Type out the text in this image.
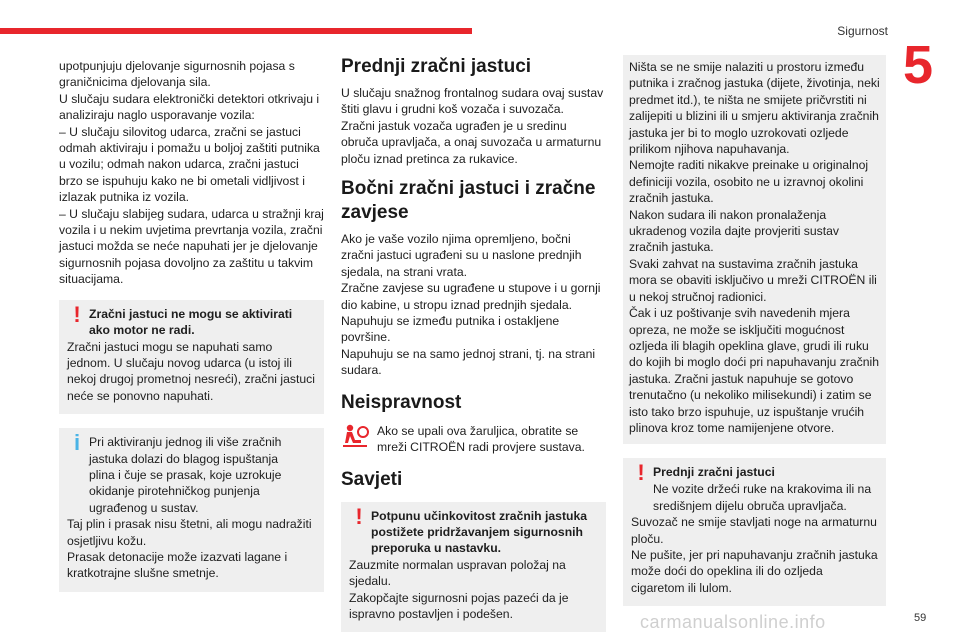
Sigurnost
5

upotpunjuju djelovanje sigurnosnih pojasa s graničnicima djelovanja sila.

U slučaju sudara elektronički detektori otkrivaju i analiziraju naglo usporavanje vozila:

– U slučaju silovitog udarca, zračni se jastuci odmah aktiviraju i pomažu u boljoj zaštiti putnika u vozilu; odmah nakon udarca, zračni jastuci brzo se ispuhuju kako ne bi ometali vidljivost i izlazak putnika iz vozila.

– U slučaju slabijeg sudara, udarca u stražnji kraj vozila i u nekim uvjetima prevrtanja vozila, zračni jastuci možda se neće napuhati jer je djelovanje sigurnosnih pojasa dovoljno za zaštitu u takvim situacijama.

! Zračni jastuci ne mogu se aktivirati ako motor ne radi.

Zračni jastuci mogu se napuhati samo jednom. U slučaju novog udarca (u istoj ili nekoj drugoj prometnoj nesreći), zračni jastuci neće se ponovno napuhati.

i Pri aktiviranju jednog ili više zračnih jastuka dolazi do blagog ispuštanja plina i čuje se prasak, koje uzrokuje okidanje pirotehničkog punjenja ugrađenog u sustav.

Taj plin i prasak nisu štetni, ali mogu nadražiti osjetljivu kožu.

Prasak detonacije može izazvati lagane i kratkotrajne slušne smetnje.

Prednji zračni jastuci

U slučaju snažnog frontalnog sudara ovaj sustav štiti glavu i grudni koš vozača i suvozača.

Zračni jastuk vozača ugrađen je u sredinu obruča upravljača, a onaj suvozača u armaturnu ploču iznad pretinca za rukavice.

Bočni zračni jastuci i zračne zavjese

Ako je vaše vozilo njima opremljeno, bočni zračni jastuci ugrađeni su u naslone prednjih sjedala, na strani vrata.

Zračne zavjese su ugrađene u stupove i u gornji dio kabine, u stropu iznad prednjih sjedala.

Napuhuju se između putnika i ostakljene površine.

Napuhuju se na samo jednoj strani, tj. na strani sudara.

Neispravnost

Ako se upali ova žaruljica, obratite se mreži CITROËN radi provjere sustava.

Savjeti

! Potpunu učinkovitost zračnih jastuka postižete pridržavanjem sigurnosnih preporuka u nastavku.

Zauzmite normalan uspravan položaj na sjedalu.

Zakopčajte sigurnosni pojas pazeći da je ispravno postavljen i podešen.

Ništa se ne smije nalaziti u prostoru između putnika i zračnog jastuka (dijete, životinja, neki predmet itd.), te ništa ne smijete pričvrstiti ni zalijepiti u blizini ili u smjeru aktiviranja zračnih jastuka jer bi to moglo uzrokovati ozljede prilikom njihova napuhavanja.

Nemojte raditi nikakve preinake u originalnoj definiciji vozila, osobito ne u izravnoj okolini zračnih jastuka.

Nakon sudara ili nakon pronalaženja ukradenog vozila dajte provjeriti sustav zračnih jastuka.

Svaki zahvat na sustavima zračnih jastuka mora se obaviti isključivo u mreži CITROËN ili u nekoj stručnoj radionici.

Čak i uz poštivanje svih navedenih mjera opreza, ne može se isključiti mogućnost ozljeda ili blagih opeklina glave, grudi ili ruku do kojih bi moglo doći pri napuhavanju zračnih jastuka. Zračni jastuk napuhuje se gotovo trenutačno (u nekoliko milisekundi) i zatim se isto tako brzo ispuhuje, uz ispuštanje vrućih plinova kroz tome namijenjene otvore.

! Prednji zračni jastuci

Ne vozite držeći ruke na krakovima ili na središnjem dijelu obruča upravljača.

Suvozač ne smije stavljati noge na armaturnu ploču.

Ne pušite, jer pri napuhavanju zračnih jastuka može doći do opeklina ili do ozljeda cigaretom ili lulom.

carmanualsonline.info	59
